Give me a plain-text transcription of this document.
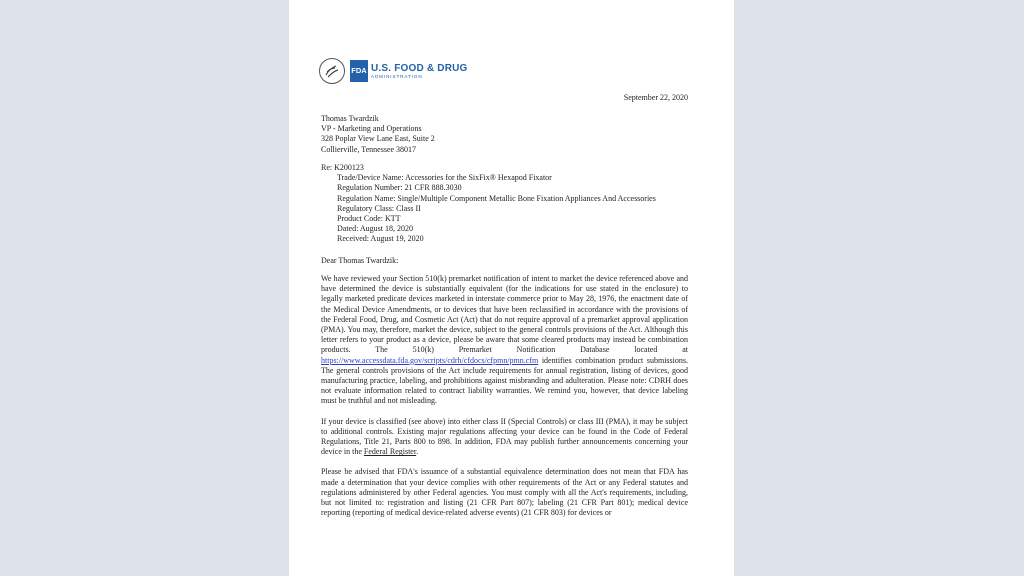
FDA U.S. FOOD & DRUG
ADMINISTRATION
September 22, 2020
Thomas Twardzik
VP - Marketing and Operations
328 Poplar View Lane East, Suite 2
Collierville, Tennessee 38017
Re: K200123
Trade/Device Name: Accessories for the SixFix® Hexapod Fixator
Regulation Number: 21 CFR 888.3030
Regulation Name: Single/Multiple Component Metallic Bone Fixation Appliances And Accessories
Regulatory Class: Class II
Product Code: KTT
Dated: August 18, 2020
Received: August 19, 2020
Dear Thomas Twardzik:

We have reviewed your Section 510(k) premarket notification of intent to market the device referenced above and have determined the device is substantially equivalent (for the indications for use stated in the enclosure) to legally marketed predicate devices marketed in interstate commerce prior to May 28, 1976, the enactment date of the Medical Device Amendments, or to devices that have been reclassified in accordance with the provisions of the Federal Food, Drug, and Cosmetic Act (Act) that do not require approval of a premarket approval application (PMA). You may, therefore, market the device, subject to the general controls provisions of the Act. Although this letter refers to your product as a device, please be aware that some cleared products may instead be combination products. The 510(k) Premarket Notification Database located at https://www.accessdata.fda.gov/scripts/cdrh/cfdocs/cfpmn/pmn.cfm identifies combination product submissions. The general controls provisions of the Act include requirements for annual registration, listing of devices, good manufacturing practice, labeling, and prohibitions against misbranding and adulteration. Please note: CDRH does not evaluate information related to contract liability warranties. We remind you, however, that device labeling must be truthful and not misleading.

If your device is classified (see above) into either class II (Special Controls) or class III (PMA), it may be subject to additional controls. Existing major regulations affecting your device can be found in the Code of Federal Regulations, Title 21, Parts 800 to 898. In addition, FDA may publish further announcements concerning your device in the Federal Register.

Please be advised that FDA's issuance of a substantial equivalence determination does not mean that FDA has made a determination that your device complies with other requirements of the Act or any Federal statutes and regulations administered by other Federal agencies. You must comply with all the Act's requirements, including, but not limited to: registration and listing (21 CFR Part 807); labeling (21 CFR Part 801); medical device reporting (reporting of medical device-related adverse events) (21 CFR 803) for devices or
